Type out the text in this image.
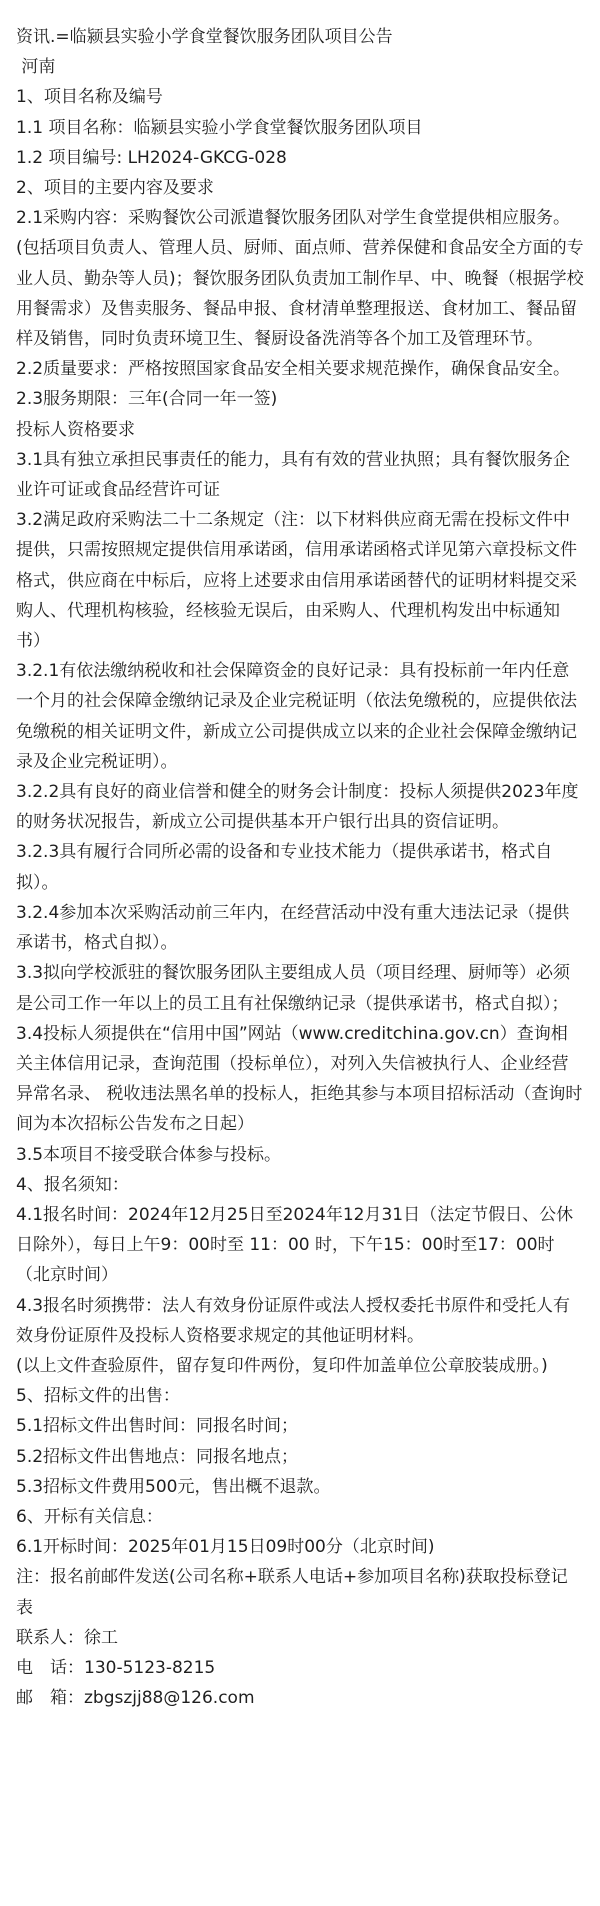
资讯.=临颍县实验小学食堂餐饮服务团队项目公告

河南

1、项目名称及编号

1.1 项目名称：临颍县实验小学食堂餐饮服务团队项目

1.2 项目编号: LH2024-GKCG-028

2、项目的主要内容及要求

2.1采购内容：采购餐饮公司派遣餐饮服务团队对学生食堂提供相应服务。(包括项目负责人、管理人员、厨师、面点师、营养保健和食品安全方面的专业人员、勤杂等人员)；餐饮服务团队负责加工制作早、中、晚餐（根据学校用餐需求）及售卖服务、餐品申报、食材清单整理报送、食材加工、餐品留样及销售，同时负责环境卫生、餐厨设备洗消等各个加工及管理环节。

2.2质量要求：严格按照国家食品安全相关要求规范操作，确保食品安全。

2.3服务期限：三年(合同一年一签)

投标人资格要求

3.1具有独立承担民事责任的能力，具有有效的营业执照；具有餐饮服务企业许可证或食品经营许可证

3.2满足政府采购法二十二条规定（注：以下材料供应商无需在投标文件中提供，只需按照规定提供信用承诺函，信用承诺函格式详见第六章投标文件格式，供应商在中标后，应将上述要求由信用承诺函替代的证明材料提交采购人、代理机构核验，经核验无误后，由采购人、代理机构发出中标通知书）

3.2.1有依法缴纳税收和社会保障资金的良好记录：具有投标前一年内任意一个月的社会保障金缴纳记录及企业完税证明（依法免缴税的，应提供依法免缴税的相关证明文件，新成立公司提供成立以来的企业社会保障金缴纳记录及企业完税证明）。

3.2.2具有良好的商业信誉和健全的财务会计制度：投标人须提供2023年度的财务状况报告，新成立公司提供基本开户银行出具的资信证明。

3.2.3具有履行合同所必需的设备和专业技术能力（提供承诺书，格式自拟）。

3.2.4参加本次采购活动前三年内，在经营活动中没有重大违法记录（提供承诺书，格式自拟）。

3.3拟向学校派驻的餐饮服务团队主要组成人员（项目经理、厨师等）必须是公司工作一年以上的员工且有社保缴纳记录（提供承诺书，格式自拟）；

3.4投标人须提供在“信用中国”网站（www.creditchina.gov.cn）查询相关主体信用记录，查询范围（投标单位），对列入失信被执行人、企业经营异常名录、 税收违法黑名单的投标人，拒绝其参与本项目招标活动（查询时间为本次招标公告发布之日起）

3.5本项目不接受联合体参与投标。

4、报名须知：

4.1报名时间：2024年12月25日至2024年12月31日（法定节假日、公休日除外），每日上午9：00时至 11：00 时，下午15：00时至17：00时（北京时间）

4.3报名时须携带：法人有效身份证原件或法人授权委托书原件和受托人有效身份证原件及投标人资格要求规定的其他证明材料。

(以上文件查验原件，留存复印件两份，复印件加盖单位公章胶装成册。)

5、招标文件的出售：

5.1招标文件出售时间：同报名时间；

5.2招标文件出售地点：同报名地点；

5.3招标文件费用500元，售出概不退款。

6、开标有关信息：

6.1开标时间：2025年01月15日09时00分（北京时间)

注：报名前邮件发送(公司名称+联系人电话+参加项目名称)获取投标登记表

联系人：徐工

电　话：130-5123-8215

邮　箱：zbgszjj88@126.com
